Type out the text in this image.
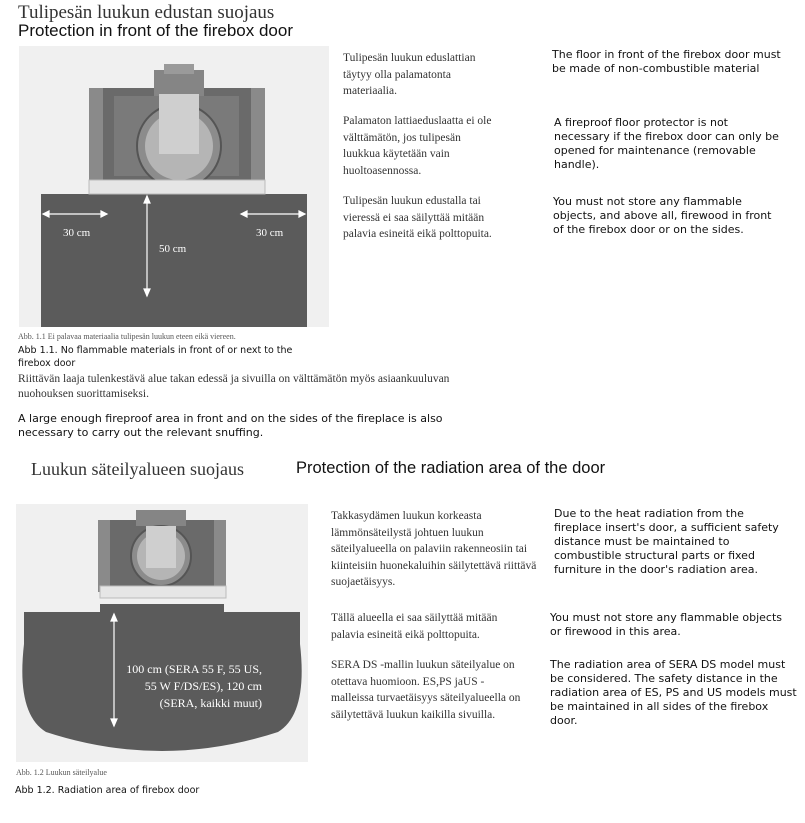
Tulipesän luukun edustan suojaus
Protection in front of the firebox door
30 cm	30 cm
50 cm
Tulipesän luukun eduslattian täytyy olla palamatonta materiaalia.
Palamaton lattiaeduslaatta ei ole välttämätön, jos tulipesän luukkua käytetään vain huoltoasennossa.
Tulipesän luukun edustalla tai vieressä ei saa säilyttää mitään palavia esineitä eikä polttopuita.
The floor in front of the firebox door must be made of non-combustible material
A fireproof floor protector is not necessary if the firebox door can only be opened for maintenance (removable handle).
You must not store any flammable objects, and above all, firewood in front of the firebox door or on the sides.
Abb. 1.1 Ei palavaa materiaalia tulipesän luukun eteen eikä viereen.
Abb 1.1. No flammable materials in front of or next to the firebox door
Riittävän laaja tulenkestävä alue takan edessä ja sivuilla on välttämätön myös asiaankuuluvan nuohouksen suorittamiseksi.
A large enough fireproof area in front and on the sides of the fireplace is also necessary to carry out the relevant snuffing.
Luukun säteilyalueen suojaus	Protection of the radiation area of the door
100 cm (SERA 55 F, 55 US, 55 W F/DS/ES), 120 cm (SERA, kaikki muut)
Takkasydämen luukun korkeasta lämmönsäteilystä johtuen luukun säteilyalueella on palaviin rakenneosiin tai kiinteisiin huonekaluihin säilytettävä riittävä suojaetäisyys.
Tällä alueella ei saa säilyttää mitään palavia esineitä eikä polttopuita.
SERA DS -mallin luukun säteilyalue on otettava huomioon. ES,PS jaUS -malleissa turvaetäisyys säteilyalueella on säilytettävä luukun kaikilla sivuilla.
Due to the heat radiation from the fireplace insert's door, a sufficient safety distance must be maintained to combustible structural parts or fixed furniture in the door's radiation area.
You must not store any flammable objects or firewood in this area.
The radiation area of SERA DS model must be considered. The safety distance in the radiation area of ES, PS and US models must be maintained in all sides of the firebox door.
Abb. 1.2 Luukun säteilyalue
Abb 1.2. Radiation area of firebox door
